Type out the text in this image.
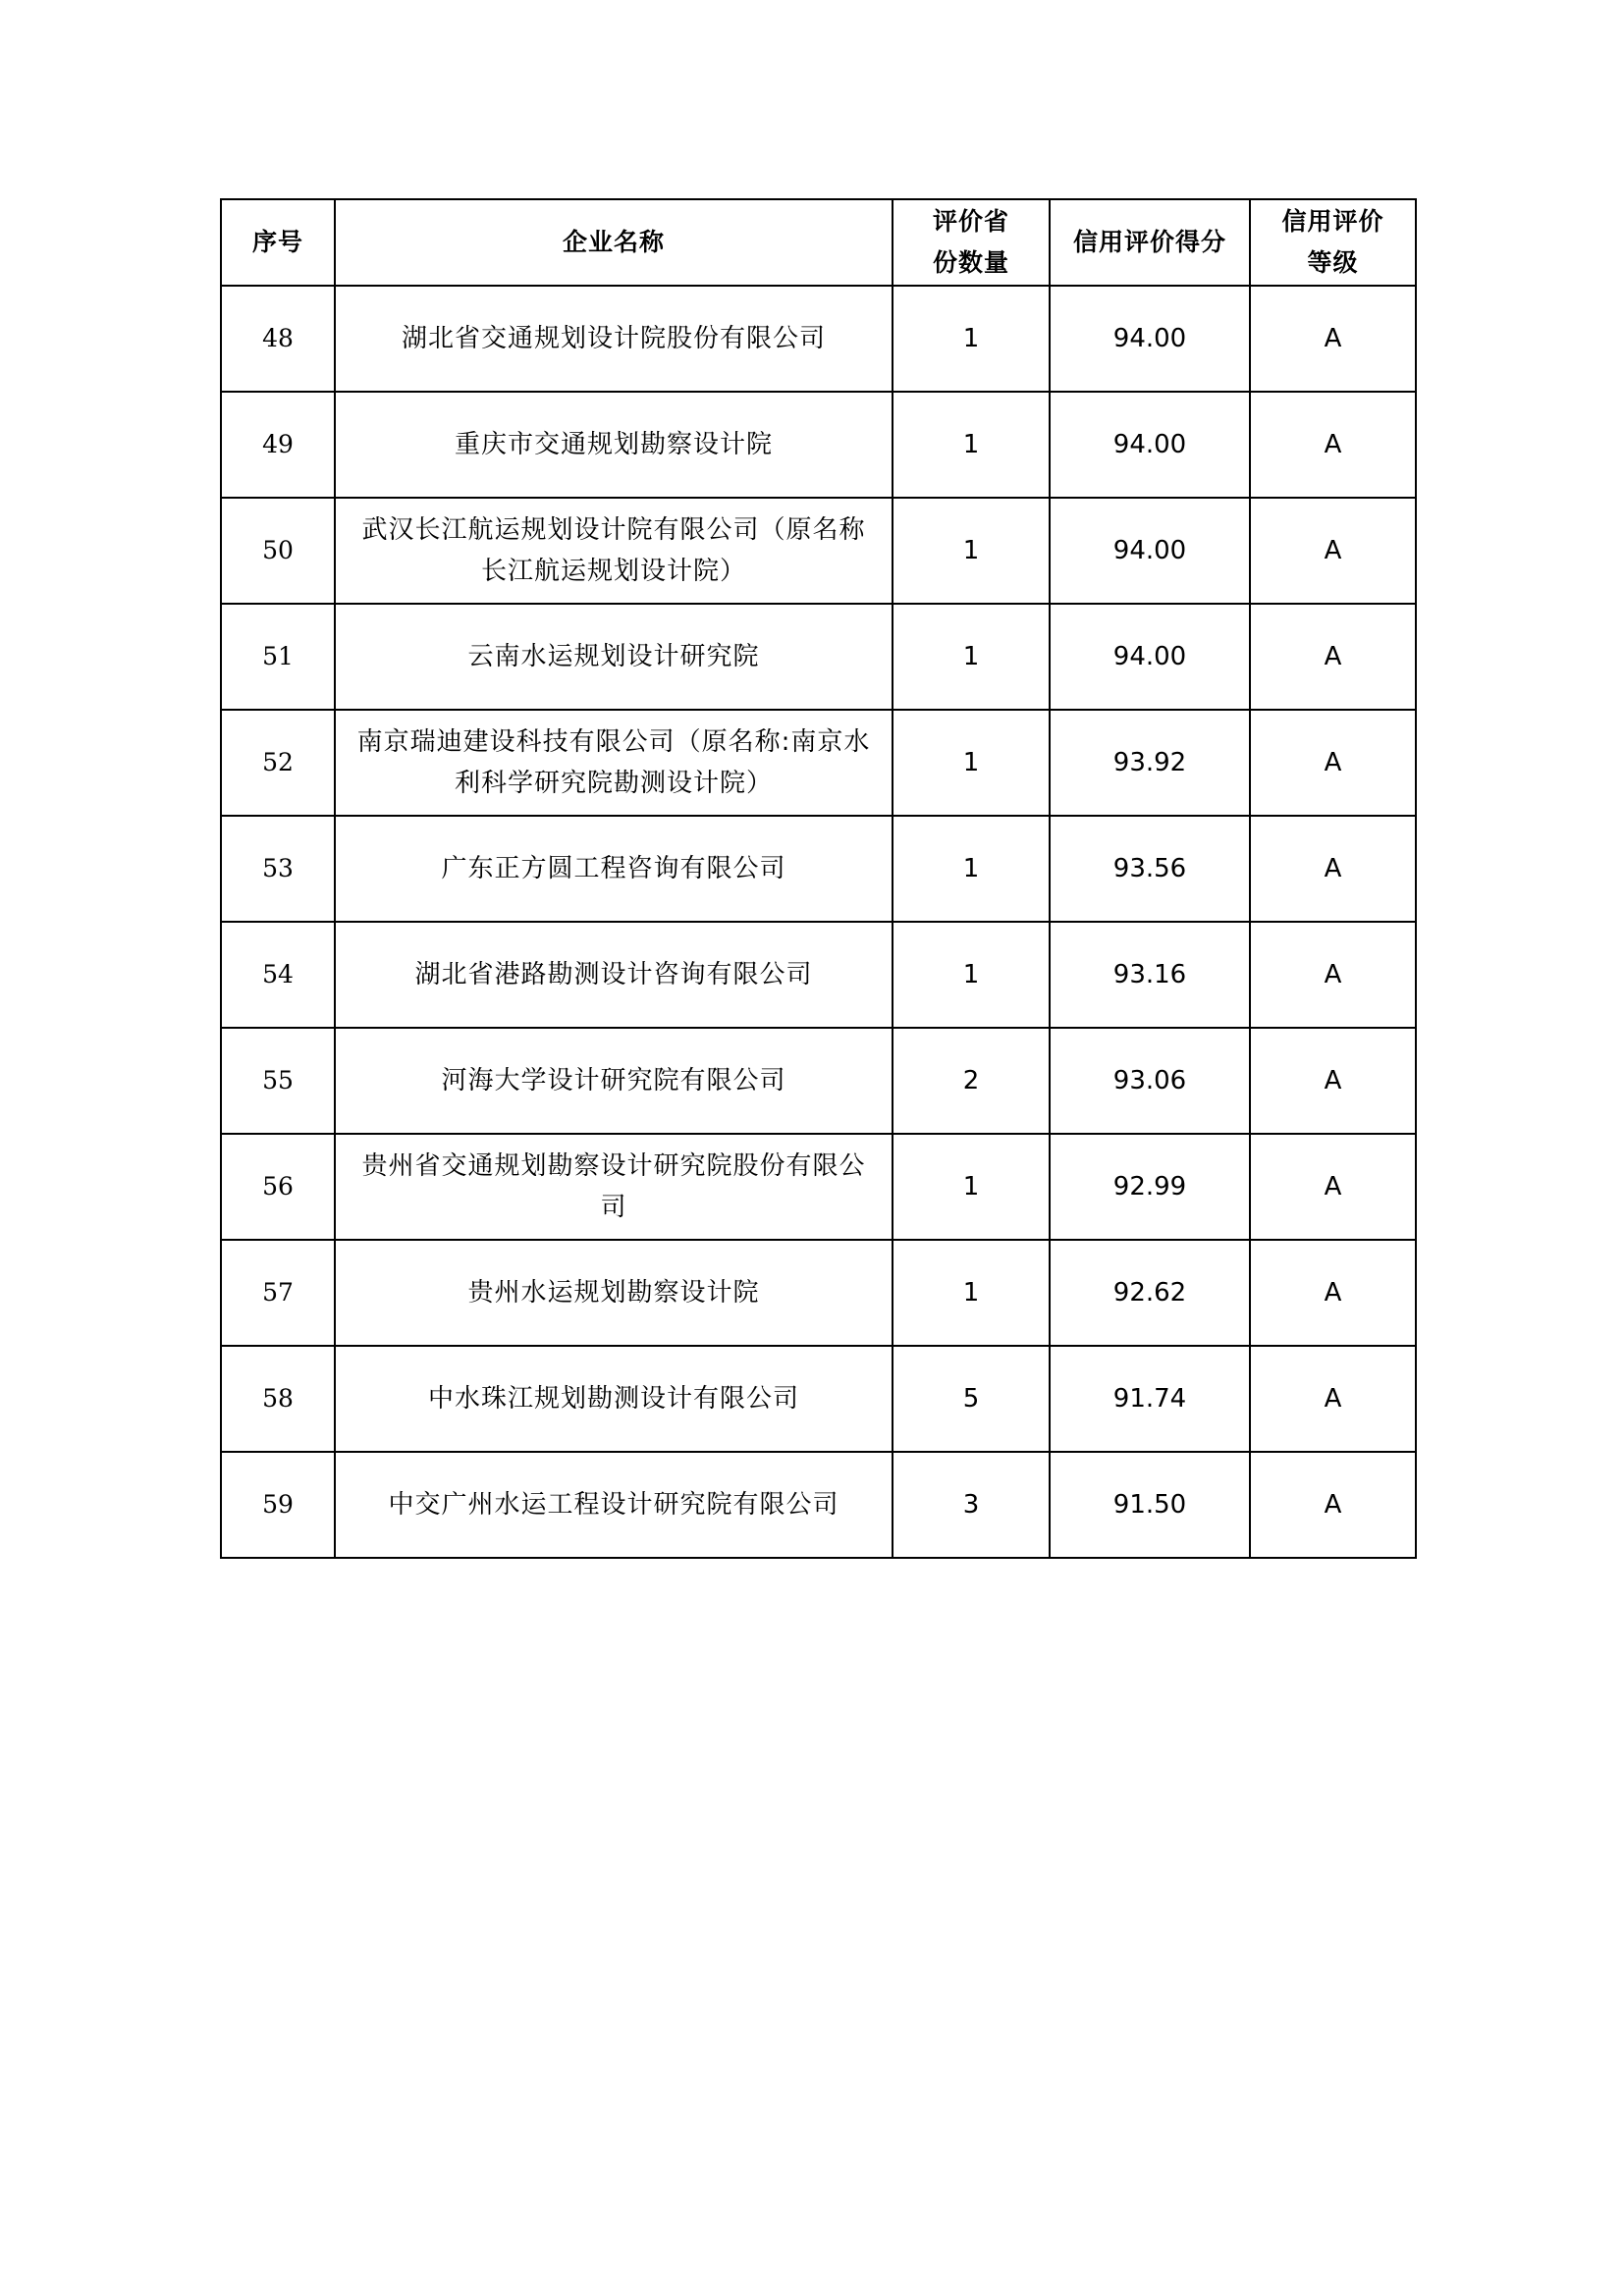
序号	企业名称	评价省份数量	信用评价得分	信用评价等级
48	湖北省交通规划设计院股份有限公司	1	94.00	A
49	重庆市交通规划勘察设计院	1	94.00	A
50	武汉长江航运规划设计院有限公司（原名称长江航运规划设计院）	1	94.00	A
51	云南水运规划设计研究院	1	94.00	A
52	南京瑞迪建设科技有限公司（原名称:南京水利科学研究院勘测设计院）	1	93.92	A
53	广东正方圆工程咨询有限公司	1	93.56	A
54	湖北省港路勘测设计咨询有限公司	1	93.16	A
55	河海大学设计研究院有限公司	2	93.06	A
56	贵州省交通规划勘察设计研究院股份有限公司	1	92.99	A
57	贵州水运规划勘察设计院	1	92.62	A
58	中水珠江规划勘测设计有限公司	5	91.74	A
59	中交广州水运工程设计研究院有限公司	3	91.50	A
